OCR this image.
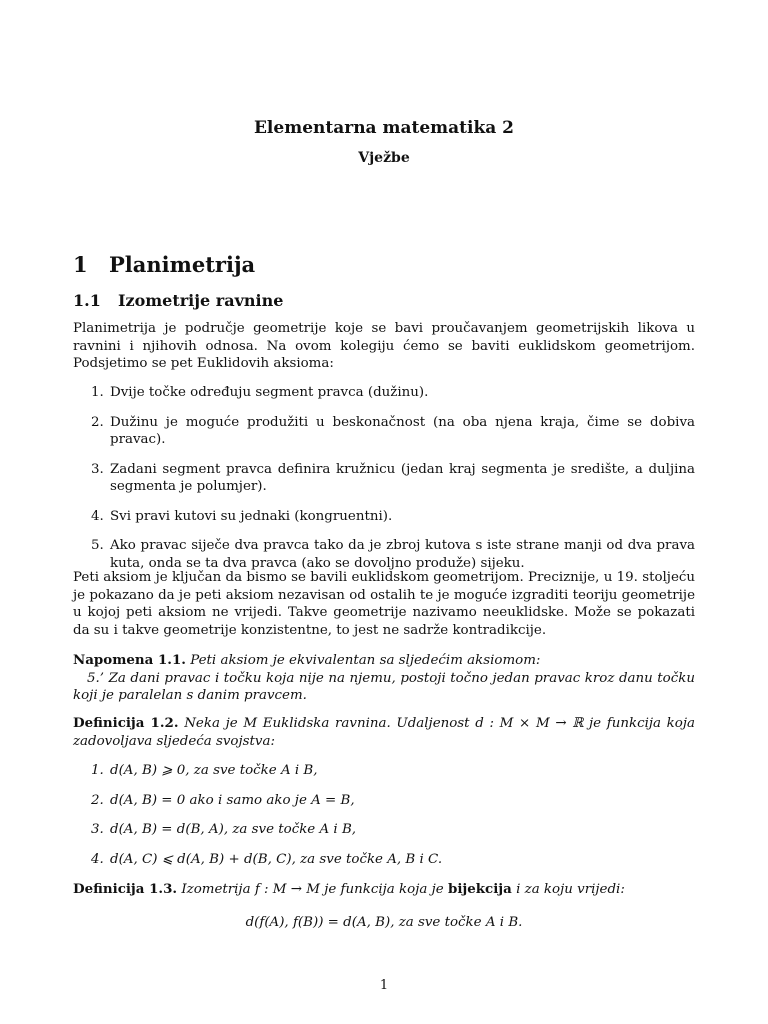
Elementarna matematika 2
Vježbe
1 Planimetrija
1.1 Izometrije ravnine

Planimetrija je područje geometrije koje se bavi proučavanjem geometrijskih likova u ravnini i njihovih odnosa. Na ovom kolegiju ćemo se baviti euklidskom geometrijom. Podsjetimo se pet Euklidovih aksioma:

1. Dvije točke određuju segment pravca (dužinu).
2. Dužinu je moguće produžiti u beskonačnost (na oba njena kraja, čime se dobiva pravac).
3. Zadani segment pravca definira kružnicu (jedan kraj segmenta je središte, a duljina segmenta je polumjer).
4. Svi pravi kutovi su jednaki (kongruentni).
5. Ako pravac siječe dva pravca tako da je zbroj kutova s iste strane manji od dva prava kuta, onda se ta dva pravca (ako se dovoljno produže) sijeku.

Peti aksiom je ključan da bismo se bavili euklidskom geometrijom. Preciznije, u 19. stoljeću je pokazano da je peti aksiom nezavisan od ostalih te je moguće izgraditi teoriju geometrije u kojoj peti aksiom ne vrijedi. Takve geometrije nazivamo neeuklidske. Može se pokazati da su i takve geometrije konzistentne, to jest ne sadrže kontradikcije.

Napomena 1.1. Peti aksiom je ekvivalentan sa sljedećim aksiomom:
5.’ Za dani pravac i točku koja nije na njemu, postoji točno jedan pravac kroz danu točku koji je paralelan s danim pravcem.
Definicija 1.2. Neka je M Euklidska ravnina. Udaljenost d : M × M → ℝ je funkcija koja zadovoljava sljedeća svojstva:
1. d(A, B) ⩾ 0, za sve točke A i B,
2. d(A, B) = 0 ako i samo ako je A = B,
3. d(A, B) = d(B, A), za sve točke A i B,
4. d(A, C) ⩽ d(A, B) + d(B, C), za sve točke A, B i C.
Definicija 1.3. Izometrija f : M → M je funkcija koja je bijekcija i za koju vrijedi:
d(f(A), f(B)) = d(A, B), za sve točke A i B.
1
